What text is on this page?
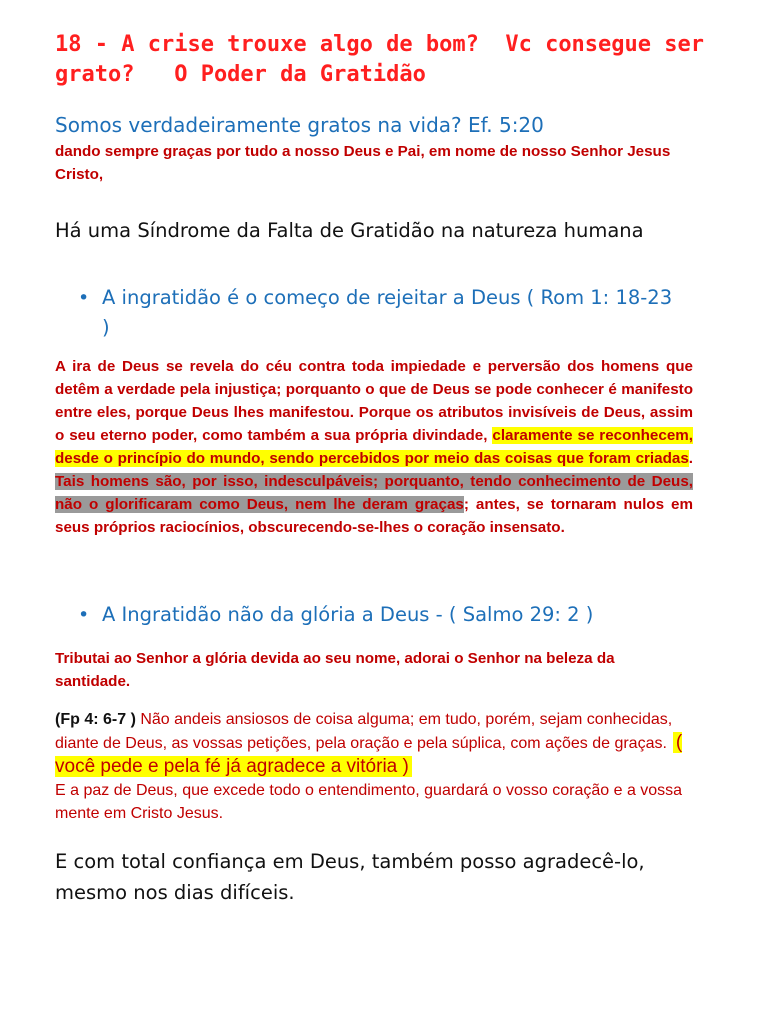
18 - A crise trouxe algo de bom?  Vc consegue ser
grato?   O Poder da Gratidão
Somos verdadeiramente gratos na vida? Ef. 5:20
dando sempre graças por tudo a nosso Deus e Pai, em nome de nosso Senhor Jesus Cristo,
Há uma Síndrome da Falta de Gratidão na natureza humana
• A ingratidão é o começo de rejeitar a Deus ( Rom 1: 18-23 )
A ira de Deus se revela do céu contra toda impiedade e perversão dos homens que detêm a verdade pela injustiça; porquanto o que de Deus se pode conhecer é manifesto entre eles, porque Deus lhes manifestou. Porque os atributos invisíveis de Deus, assim o seu eterno poder, como também a sua própria divindade, claramente se reconhecem, desde o princípio do mundo, sendo percebidos por meio das coisas que foram criadas. Tais homens são, por isso, indesculpáveis; porquanto, tendo conhecimento de Deus, não o glorificaram como Deus, nem lhe deram graças; antes, se tornaram nulos em seus próprios raciocínios, obscurecendo-se-lhes o coração insensato.
• A Ingratidão não da glória a Deus - ( Salmo 29: 2 )
Tributai ao Senhor a glória devida ao seu nome, adorai o Senhor na beleza da santidade.
(Fp 4: 6-7 ) Não andeis ansiosos de coisa alguma; em tudo, porém, sejam conhecidas, diante de Deus, as vossas petições, pela oração e pela súplica, com ações de graças. ( você pede e pela fé já agradece a vitória )
E a paz de Deus, que excede todo o entendimento, guardará o vosso coração e a vossa mente em Cristo Jesus.
E com total confiança em Deus, também posso agradecê-lo, mesmo nos dias difíceis.
